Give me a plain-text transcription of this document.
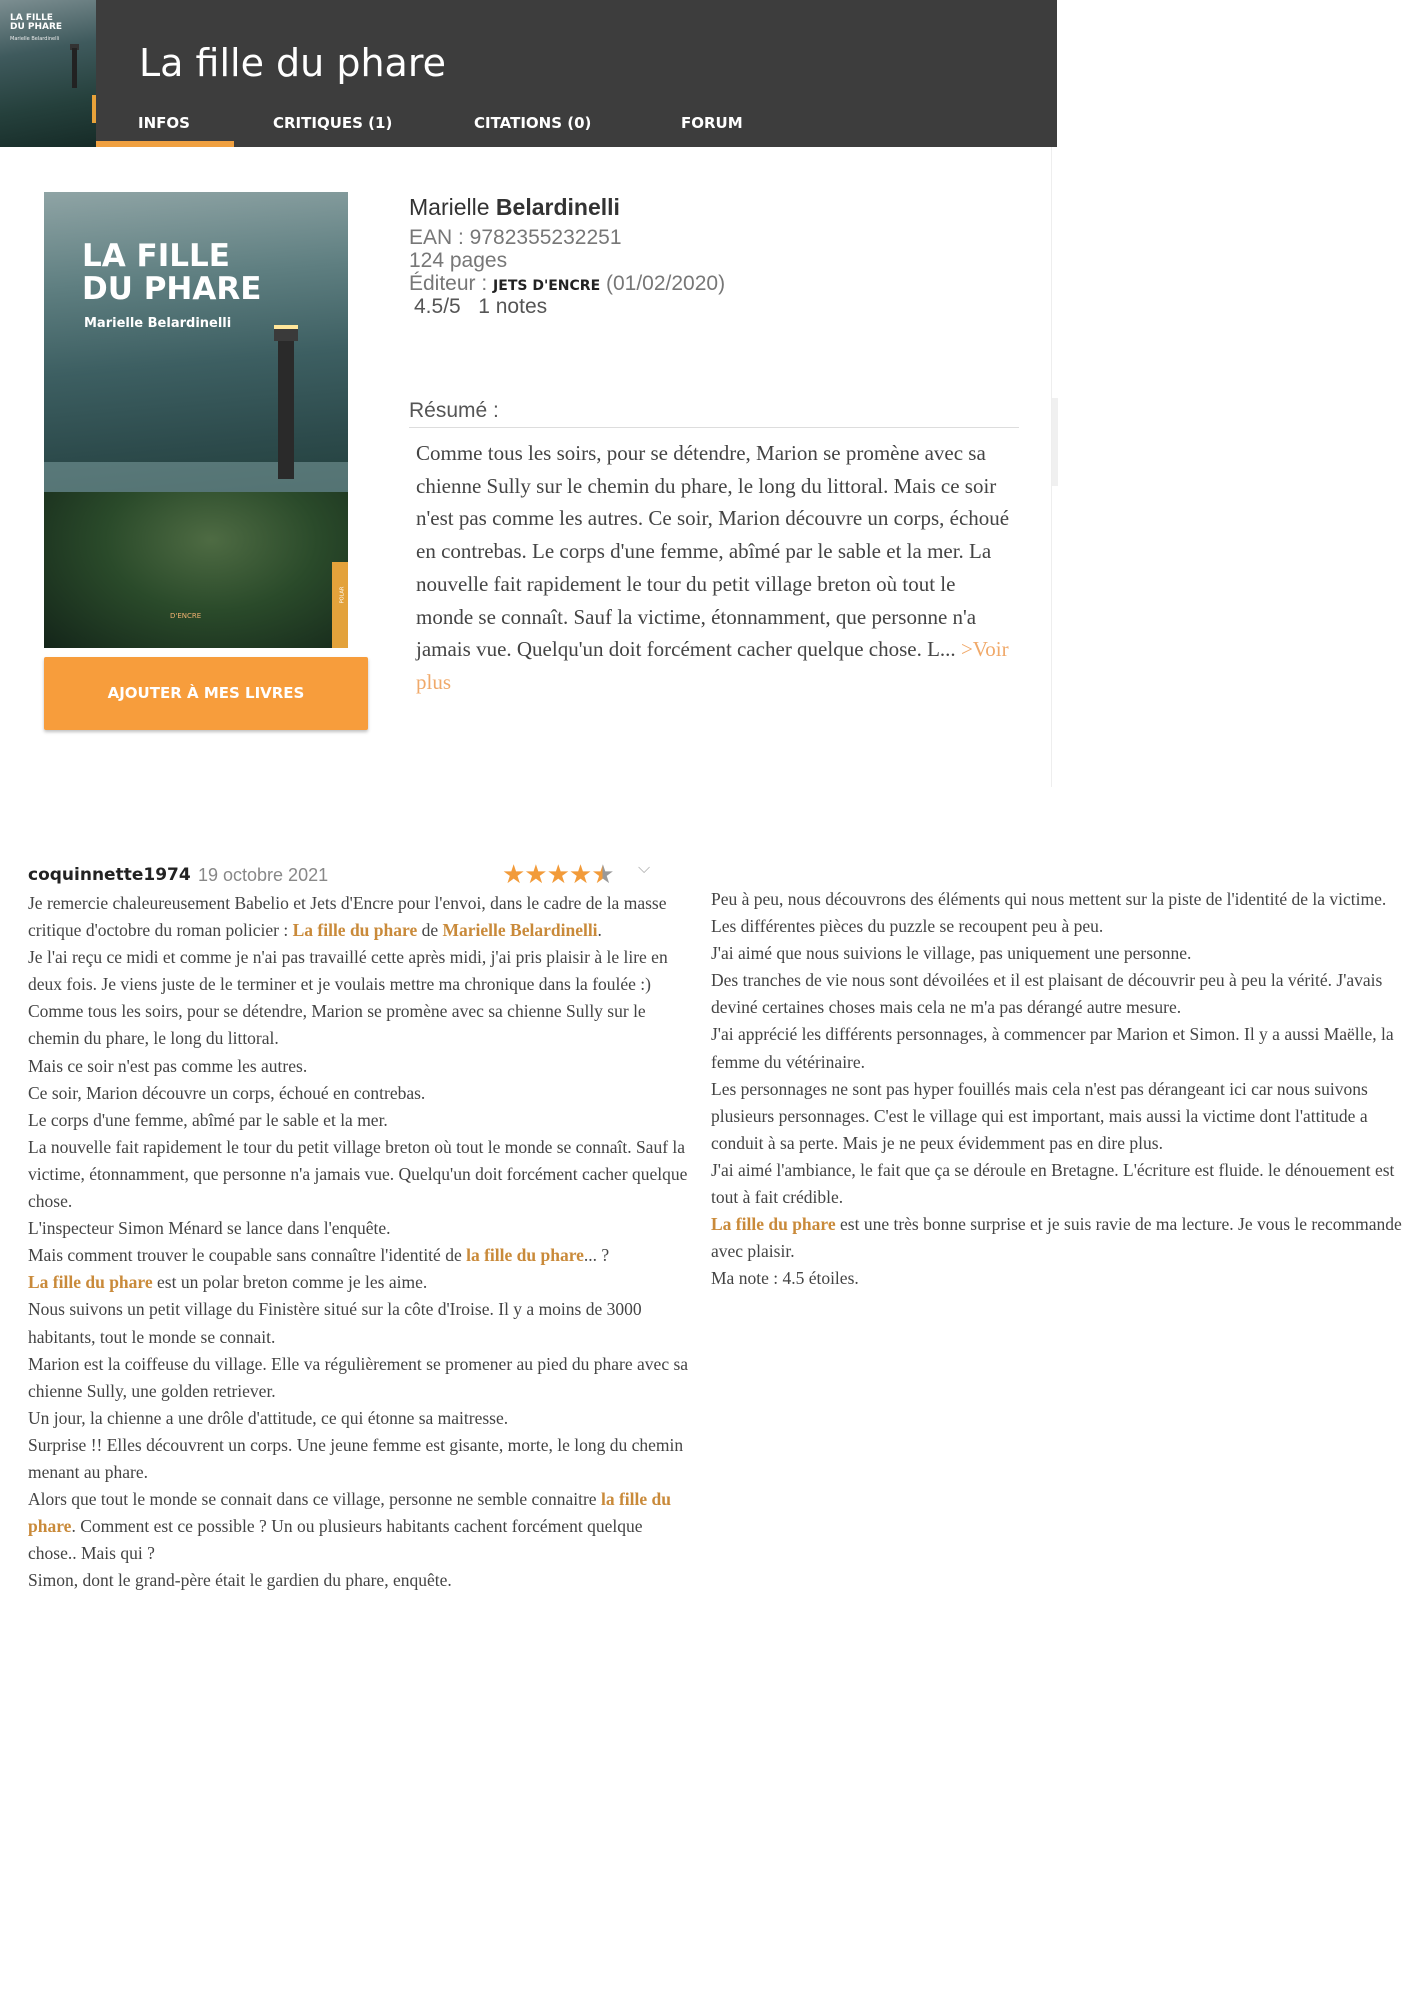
LA FILLE
DU PHARE
Marielle Belardinelli
La fille du phare
INFOS	CRITIQUES (1)	CITATIONS (0)	FORUM
LA FILLE
DU PHARE
Marielle Belardinelli
D'ENCRE
POLAR
AJOUTER À MES LIVRES
Marielle Belardinelli
EAN : 9782355232251
124 pages
Éditeur : JETS D'ENCRE (01/02/2020)
4.5/5 1 notes
Résumé :
Comme tous les soirs, pour se détendre, Marion se promène avec sa chienne Sully sur le chemin du phare, le long du littoral. Mais ce soir n'est pas comme les autres. Ce soir, Marion découvre un corps, échoué en contrebas. Le corps d'une femme, abîmé par le sable et la mer. La nouvelle fait rapidement le tour du petit village breton où tout le monde se connaît. Sauf la victime, étonnamment, que personne n'a jamais vue. Quelqu'un doit forcément cacher quelque chose. L... >Voir plus
coquinnette1974 19 octobre 2021	★★★★★ ⌵
Je remercie chaleureusement Babelio et Jets d'Encre pour l'envoi, dans le cadre de la masse critique d'octobre du roman policier : La fille du phare de Marielle Belardinelli.
Je l'ai reçu ce midi et comme je n'ai pas travaillé cette après midi, j'ai pris plaisir à le lire en deux fois. Je viens juste de le terminer et je voulais mettre ma chronique dans la foulée :)
Comme tous les soirs, pour se détendre, Marion se promène avec sa chienne Sully sur le chemin du phare, le long du littoral.
Mais ce soir n'est pas comme les autres.
Ce soir, Marion découvre un corps, échoué en contrebas.
Le corps d'une femme, abîmé par le sable et la mer.
La nouvelle fait rapidement le tour du petit village breton où tout le monde se connaît. Sauf la victime, étonnamment, que personne n'a jamais vue. Quelqu'un doit forcément cacher quelque chose.
L'inspecteur Simon Ménard se lance dans l'enquête.
Mais comment trouver le coupable sans connaître l'identité de la fille du phare... ?
La fille du phare est un polar breton comme je les aime.
Nous suivons un petit village du Finistère situé sur la côte d'Iroise. Il y a moins de 3000 habitants, tout le monde se connait.
Marion est la coiffeuse du village. Elle va régulièrement se promener au pied du phare avec sa chienne Sully, une golden retriever.
Un jour, la chienne a une drôle d'attitude, ce qui étonne sa maitresse.
Surprise !! Elles découvrent un corps. Une jeune femme est gisante, morte, le long du chemin menant au phare.
Alors que tout le monde se connait dans ce village, personne ne semble connaitre la fille du phare. Comment est ce possible ? Un ou plusieurs habitants cachent forcément quelque chose.. Mais qui ?
Simon, dont le grand-père était le gardien du phare, enquête.
Peu à peu, nous découvrons des éléments qui nous mettent sur la piste de l'identité de la victime.
Les différentes pièces du puzzle se recoupent peu à peu.
J'ai aimé que nous suivions le village, pas uniquement une personne.
Des tranches de vie nous sont dévoilées et il est plaisant de découvrir peu à peu la vérité. J'avais deviné certaines choses mais cela ne m'a pas dérangé autre mesure.
J'ai apprécié les différents personnages, à commencer par Marion et Simon. Il y a aussi Maëlle, la femme du vétérinaire.
Les personnages ne sont pas hyper fouillés mais cela n'est pas dérangeant ici car nous suivons plusieurs personnages. C'est le village qui est important, mais aussi la victime dont l'attitude a conduit à sa perte. Mais je ne peux évidemment pas en dire plus.
J'ai aimé l'ambiance, le fait que ça se déroule en Bretagne. L'écriture est fluide. le dénouement est tout à fait crédible.
La fille du phare est une très bonne surprise et je suis ravie de ma lecture. Je vous le recommande avec plaisir.
Ma note : 4.5 étoiles.
